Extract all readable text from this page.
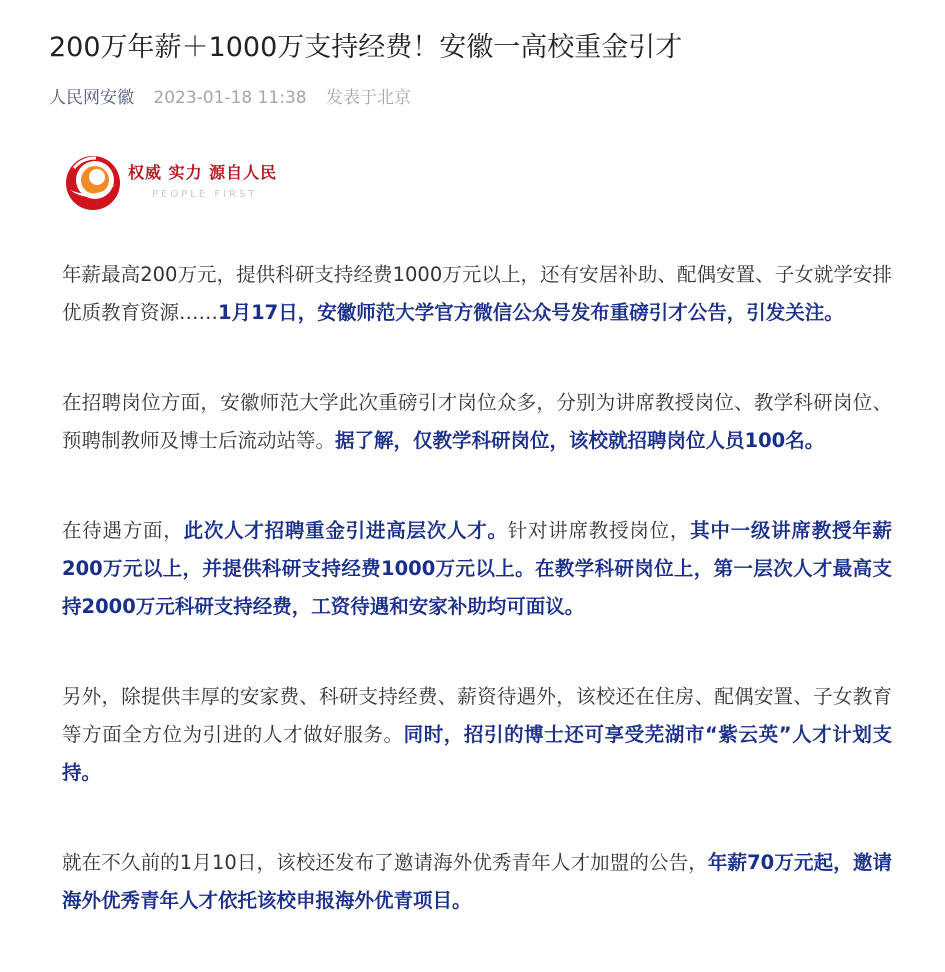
200万年薪＋1000万支持经费！安徽一高校重金引才
人民网安徽 2023-01-18 11:38 发表于北京
权威 实力 源自人民
PEOPLE FIRST

年薪最高200万元，提供科研支持经费1000万元以上，还有安居补助、配偶安置、子女就学安排优质教育资源……1月17日，安徽师范大学官方微信公众号发布重磅引才公告，引发关注。

在招聘岗位方面，安徽师范大学此次重磅引才岗位众多，分别为讲席教授岗位、教学科研岗位、预聘制教师及博士后流动站等。据了解，仅教学科研岗位，该校就招聘岗位人员100名。

在待遇方面，此次人才招聘重金引进高层次人才。针对讲席教授岗位，其中一级讲席教授年薪200万元以上，并提供科研支持经费1000万元以上。在教学科研岗位上，第一层次人才最高支持2000万元科研支持经费，工资待遇和安家补助均可面议。

另外，除提供丰厚的安家费、科研支持经费、薪资待遇外，该校还在住房、配偶安置、子女教育等方面全方位为引进的人才做好服务。同时，招引的博士还可享受芜湖市“紫云英”人才计划支持。

就在不久前的1月10日，该校还发布了邀请海外优秀青年人才加盟的公告，年薪70万元起，邀请海外优秀青年人才依托该校申报海外优青项目。
